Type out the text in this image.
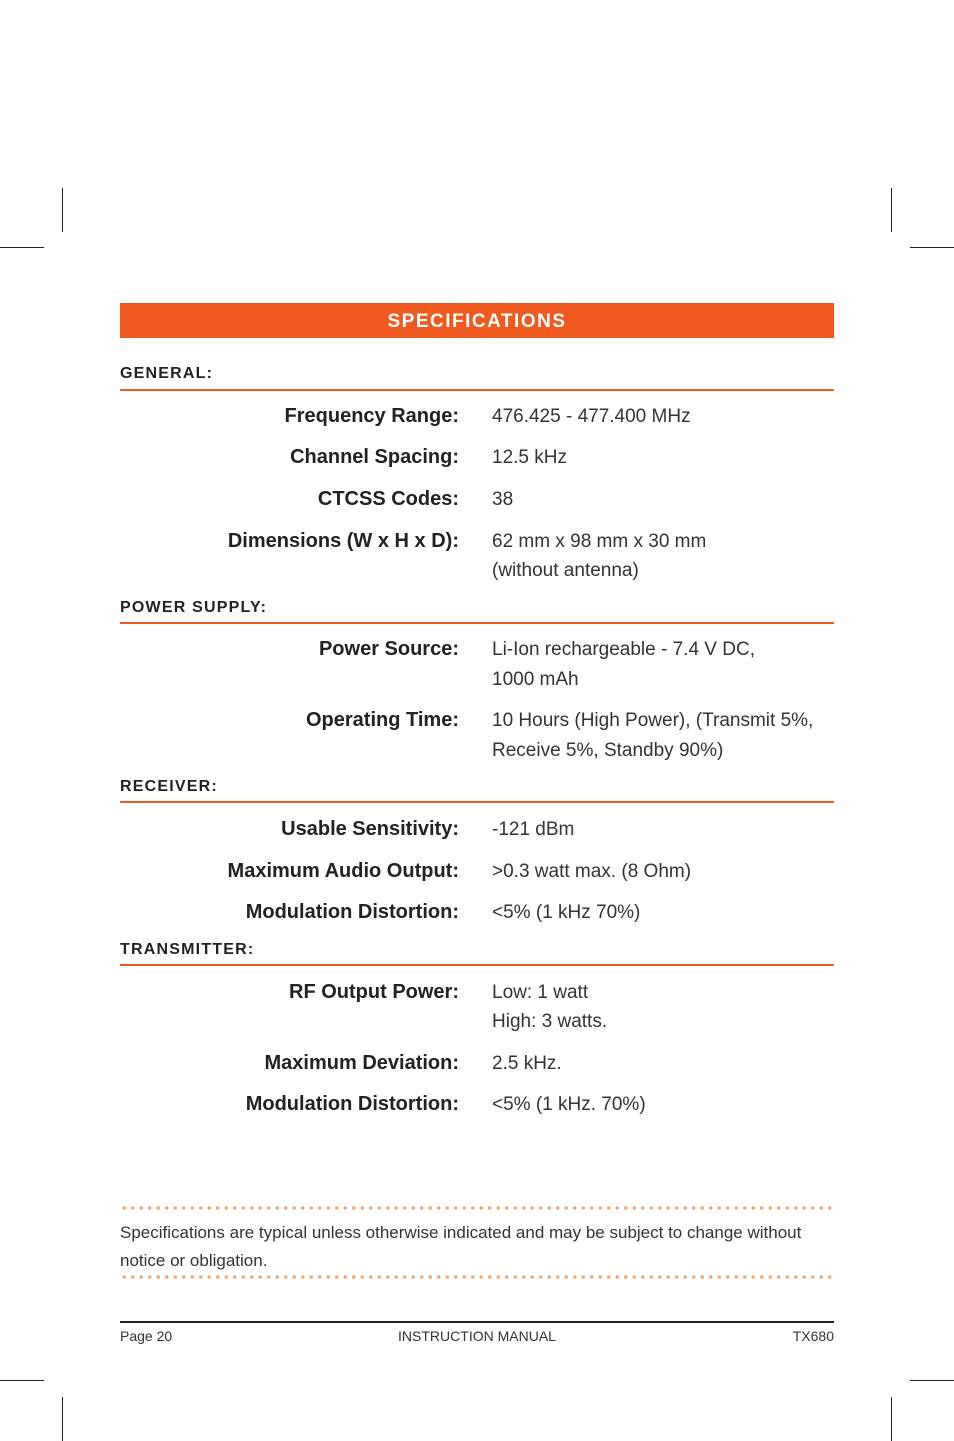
SPECIFICATIONS
GENERAL:
Frequency Range: 476.425 - 477.400 MHz
Channel Spacing: 12.5 kHz
CTCSS Codes: 38
Dimensions (W x H x D): 62 mm x 98 mm x 30 mm
(without antenna)
POWER SUPPLY:
Power Source: Li-Ion rechargeable - 7.4 V DC,
1000 mAh
Operating Time: 10 Hours (High Power), (Transmit 5%,
Receive 5%, Standby 90%)
RECEIVER:
Usable Sensitivity: -121 dBm
Maximum Audio Output: >0.3 watt max. (8 Ohm)
Modulation Distortion: <5% (1 kHz 70%)
TRANSMITTER:
RF Output Power: Low: 1 watt
High: 3 watts.
Maximum Deviation: 2.5 kHz.
Modulation Distortion: <5% (1 kHz. 70%)
Specifications are typical unless otherwise indicated and may be subject to change without notice or obligation.
Page 20	INSTRUCTION MANUAL	TX680
